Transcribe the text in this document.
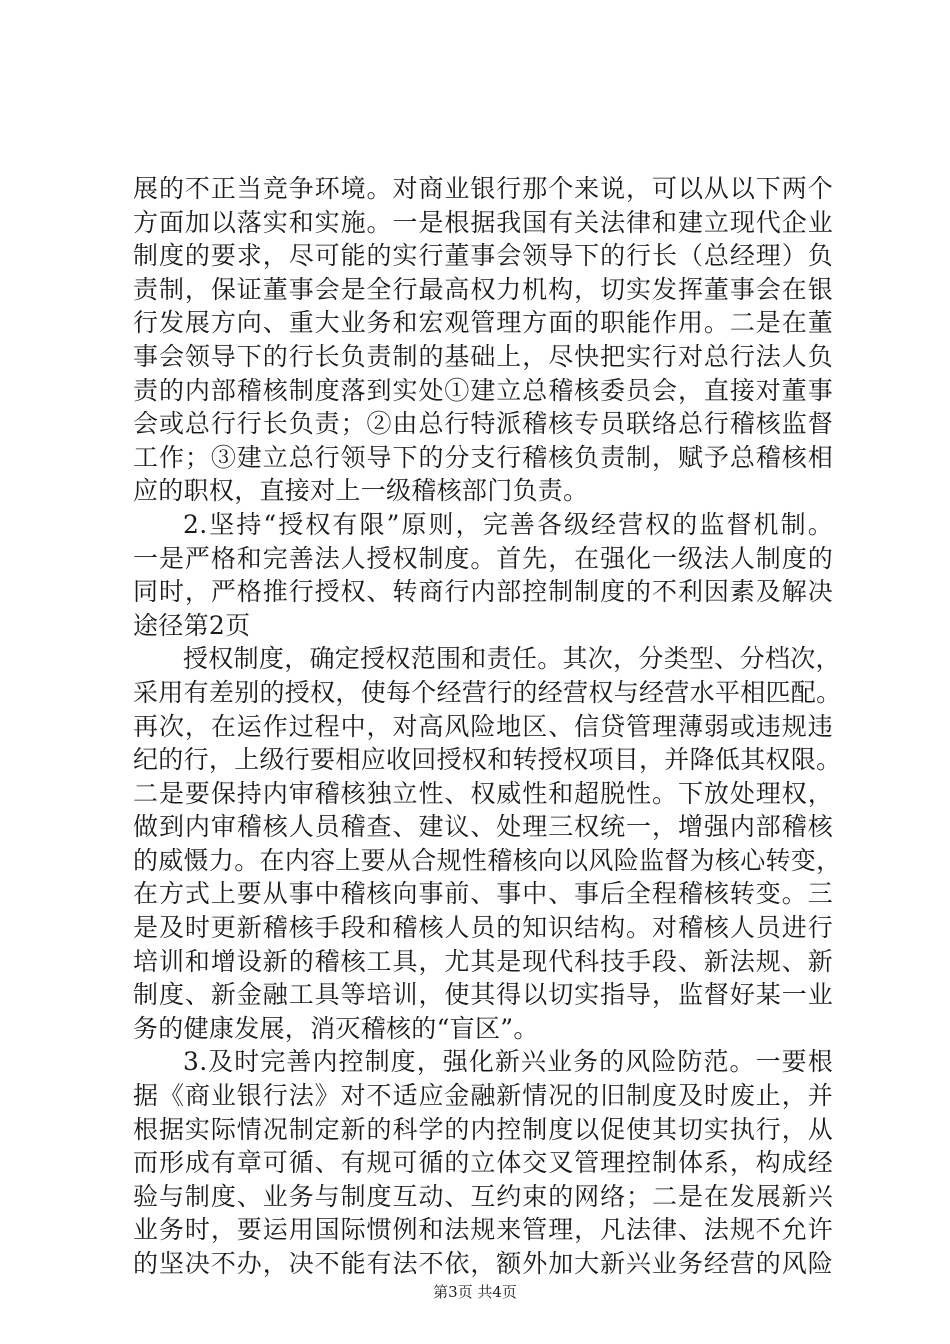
展的不正当竞争环境。对商业银行那个来说，可以从以下两个
方面加以落实和实施。一是根据我国有关法律和建立现代企业
制度的要求，尽可能的实行董事会领导下的行长（总经理）负
责制，保证董事会是全行最高权力机构，切实发挥董事会在银
行发展方向、重大业务和宏观管理方面的职能作用。二是在董
事会领导下的行长负责制的基础上，尽快把实行对总行法人负
责的内部稽核制度落到实处①建立总稽核委员会，直接对董事
会或总行行长负责；②由总行特派稽核专员联络总行稽核监督
工作；③建立总行领导下的分支行稽核负责制，赋予总稽核相
应的职权，直接对上一级稽核部门负责。
2.坚持“授权有限”原则，完善各级经营权的监督机制。
一是严格和完善法人授权制度。首先，在强化一级法人制度的
同时，严格推行授权、转商行内部控制制度的不利因素及解决
途径第2页
授权制度，确定授权范围和责任。其次，分类型、分档次，
采用有差别的授权，使每个经营行的经营权与经营水平相匹配。
再次，在运作过程中，对高风险地区、信贷管理薄弱或违规违
纪的行，上级行要相应收回授权和转授权项目，并降低其权限。
二是要保持内审稽核独立性、权威性和超脱性。下放处理权，
做到内审稽核人员稽查、建议、处理三权统一，增强内部稽核
的威慑力。在内容上要从合规性稽核向以风险监督为核心转变，
在方式上要从事中稽核向事前、事中、事后全程稽核转变。三
是及时更新稽核手段和稽核人员的知识结构。对稽核人员进行
培训和增设新的稽核工具，尤其是现代科技手段、新法规、新
制度、新金融工具等培训，使其得以切实指导，监督好某一业
务的健康发展，消灭稽核的“盲区”。
3.及时完善内控制度，强化新兴业务的风险防范。一要根
据《商业银行法》对不适应金融新情况的旧制度及时废止，并
根据实际情况制定新的科学的内控制度以促使其切实执行，从
而形成有章可循、有规可循的立体交叉管理控制体系，构成经
验与制度、业务与制度互动、互约束的网络；二是在发展新兴
业务时，要运用国际惯例和法规来管理，凡法律、法规不允许
的坚决不办，决不能有法不依，额外加大新兴业务经营的风险
第3页 共4页
